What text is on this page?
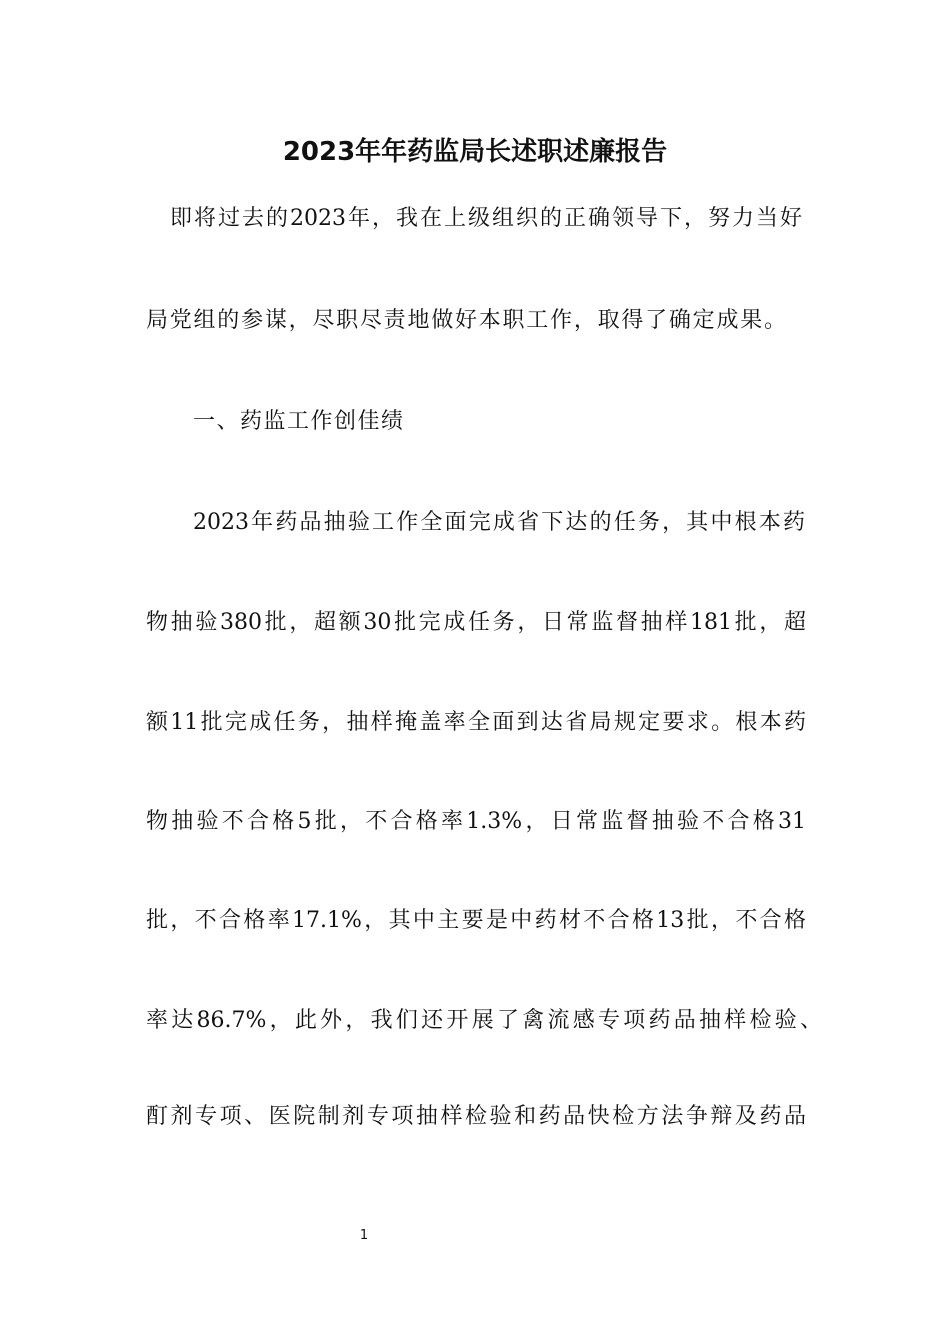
2023年年药监局长述职述廉报告

即将过去的2023年，我在上级组织的正确领导下，努力当好

局党组的参谋，尽职尽责地做好本职工作，取得了确定成果。

一、药监工作创佳绩

2023年药品抽验工作全面完成省下达的任务，其中根本药

物抽验380批，超额30批完成任务，日常监督抽样181批，超

额11批完成任务，抽样掩盖率全面到达省局规定要求。根本药

物抽验不合格5批，不合格率1.3%，日常监督抽验不合格31

批，不合格率17.1%，其中主要是中药材不合格13批，不合格

率达86.7%，此外，我们还开展了禽流感专项药品抽样检验、

酊剂专项、医院制剂专项抽样检验和药品快检方法争辩及药品

1
